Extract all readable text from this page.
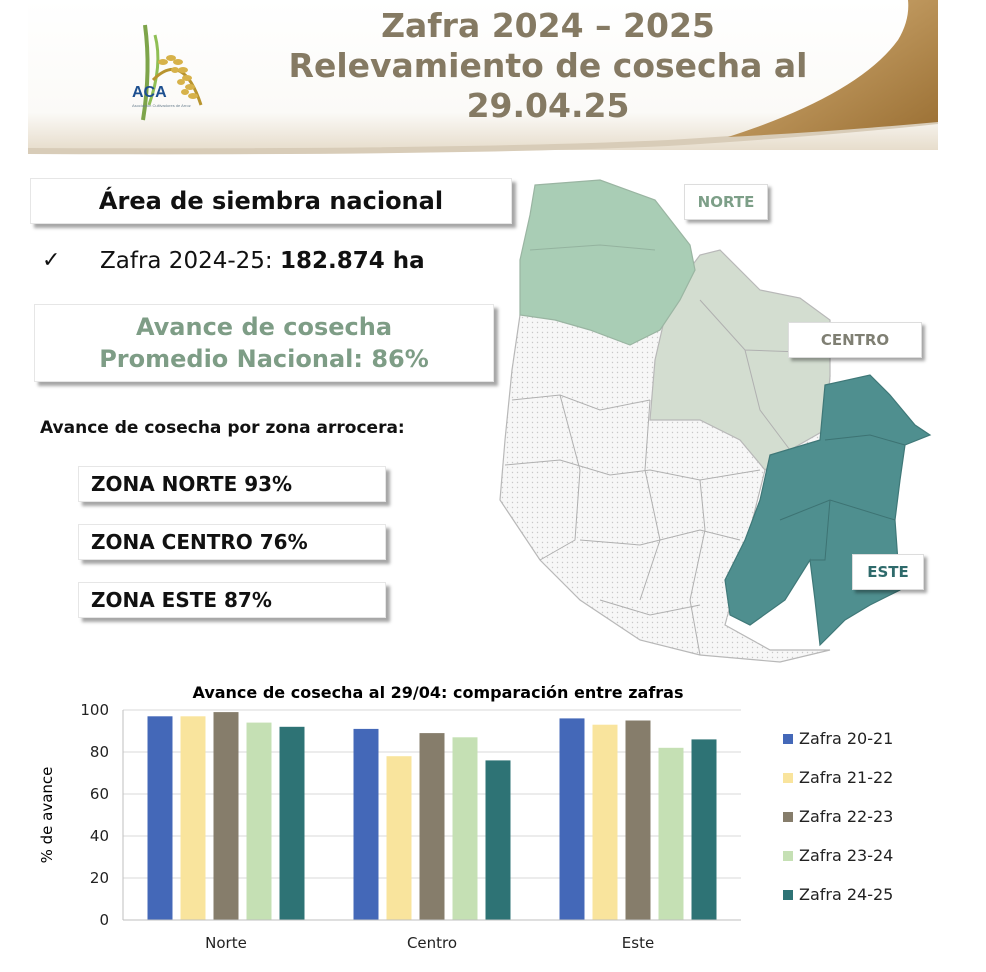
ACA
Asociación Cultivadores de Arroz
Zafra 2024 – 2025
Relevamiento de cosecha al
29.04.25
Área de siembra nacional
✓ Zafra 2024-25: 182.874 ha
Avance de cosecha
Promedio Nacional: 86%
Avance de cosecha por zona arrocera:
ZONA NORTE 93%
ZONA CENTRO 76%
ZONA ESTE 87%
NORTE
CENTRO
ESTE
Avance de cosecha al 29/04: comparación entre zafras
% de avance
0
20
40
60
80
100
Norte	Centro	Este
Zafra 20-21
Zafra 21-22
Zafra 22-23
Zafra 23-24
Zafra 24-25
